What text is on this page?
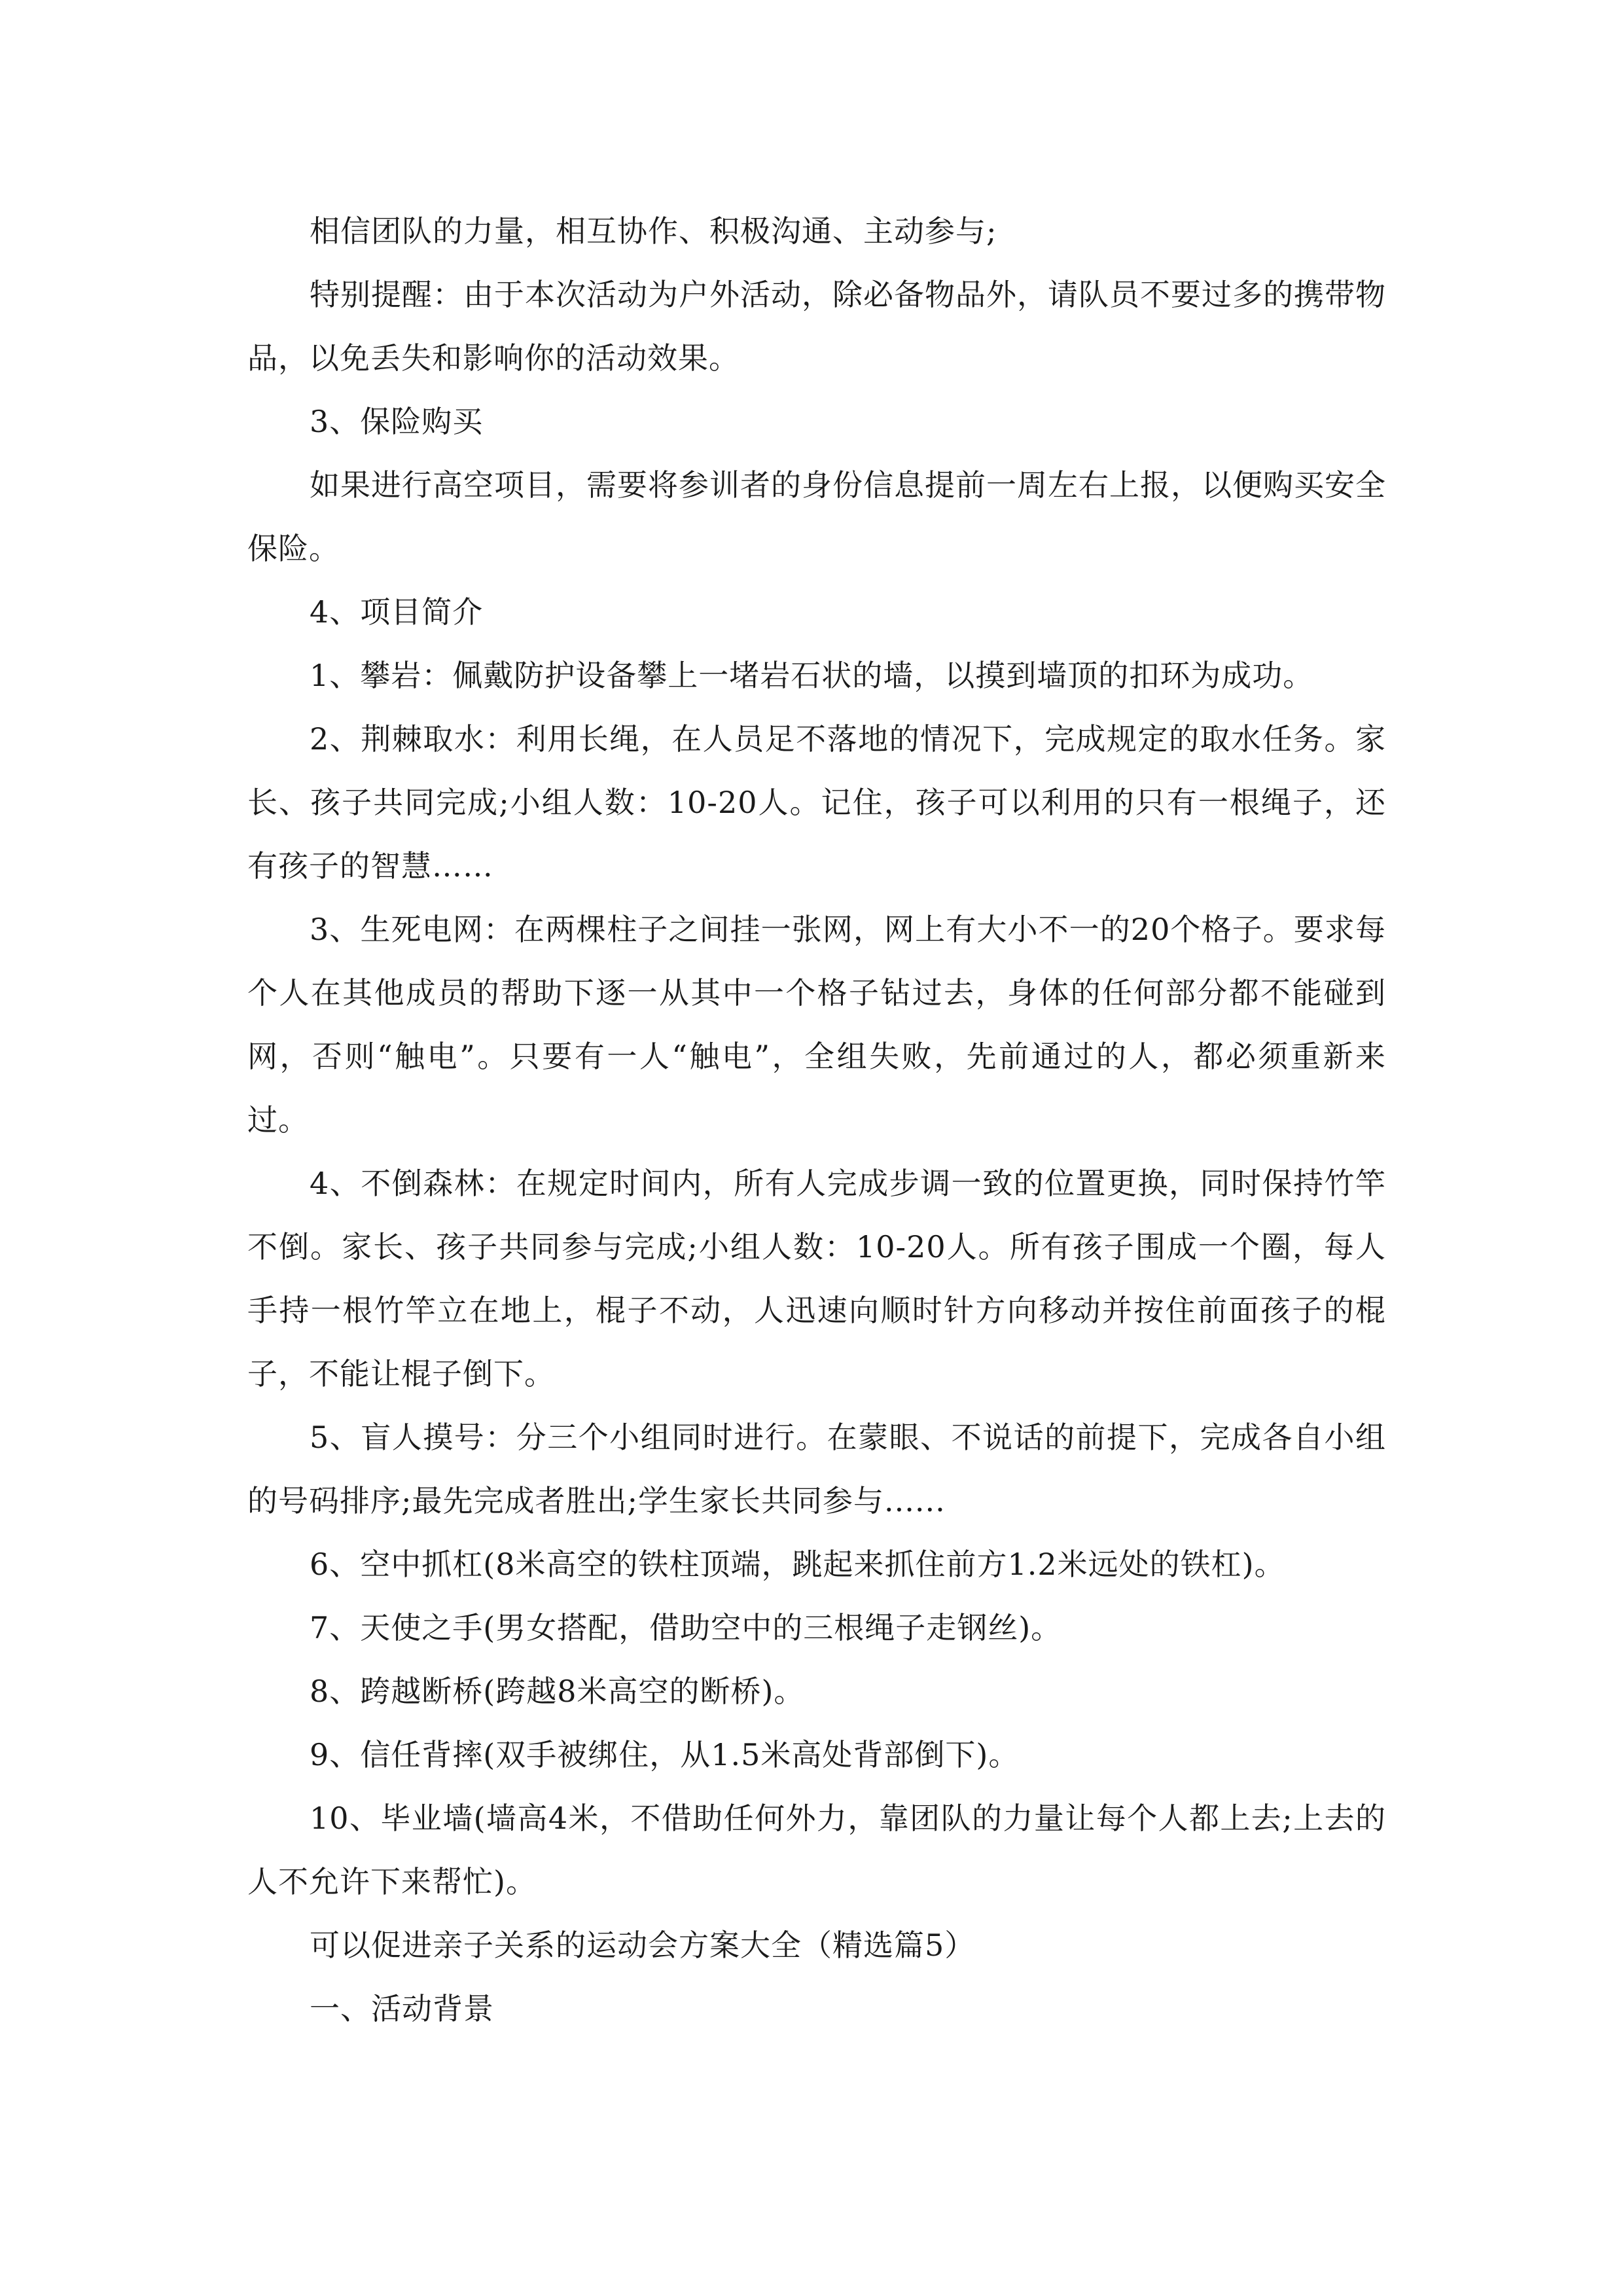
相信团队的力量，相互协作、积极沟通、主动参与;

特别提醒：由于本次活动为户外活动，除必备物品外，请队员不要过多的携带物品，以免丢失和影响你的活动效果。

3、保险购买

如果进行高空项目，需要将参训者的身份信息提前一周左右上报，以便购买安全保险。

4、项目简介

1、攀岩：佩戴防护设备攀上一堵岩石状的墙，以摸到墙顶的扣环为成功。

2、荆棘取水：利用长绳，在人员足不落地的情况下，完成规定的取水任务。家长、孩子共同完成;小组人数：10-20人。记住，孩子可以利用的只有一根绳子，还有孩子的智慧……

3、生死电网：在两棵柱子之间挂一张网，网上有大小不一的20个格子。要求每个人在其他成员的帮助下逐一从其中一个格子钻过去，身体的任何部分都不能碰到网，否则“触电”。只要有一人“触电”，全组失败，先前通过的人，都必须重新来过。

4、不倒森林：在规定时间内，所有人完成步调一致的位置更换，同时保持竹竿不倒。家长、孩子共同参与完成;小组人数：10-20人。所有孩子围成一个圈，每人手持一根竹竿立在地上，棍子不动，人迅速向顺时针方向移动并按住前面孩子的棍子，不能让棍子倒下。

5、盲人摸号：分三个小组同时进行。在蒙眼、不说话的前提下，完成各自小组的号码排序;最先完成者胜出;学生家长共同参与......

6、空中抓杠(8米高空的铁柱顶端，跳起来抓住前方1.2米远处的铁杠)。

7、天使之手(男女搭配，借助空中的三根绳子走钢丝)。

8、跨越断桥(跨越8米高空的断桥)。

9、信任背摔(双手被绑住，从1.5米高处背部倒下)。

10、毕业墙(墙高4米，不借助任何外力，靠团队的力量让每个人都上去;上去的人不允许下来帮忙)。

可以促进亲子关系的运动会方案大全（精选篇5）

一、活动背景
